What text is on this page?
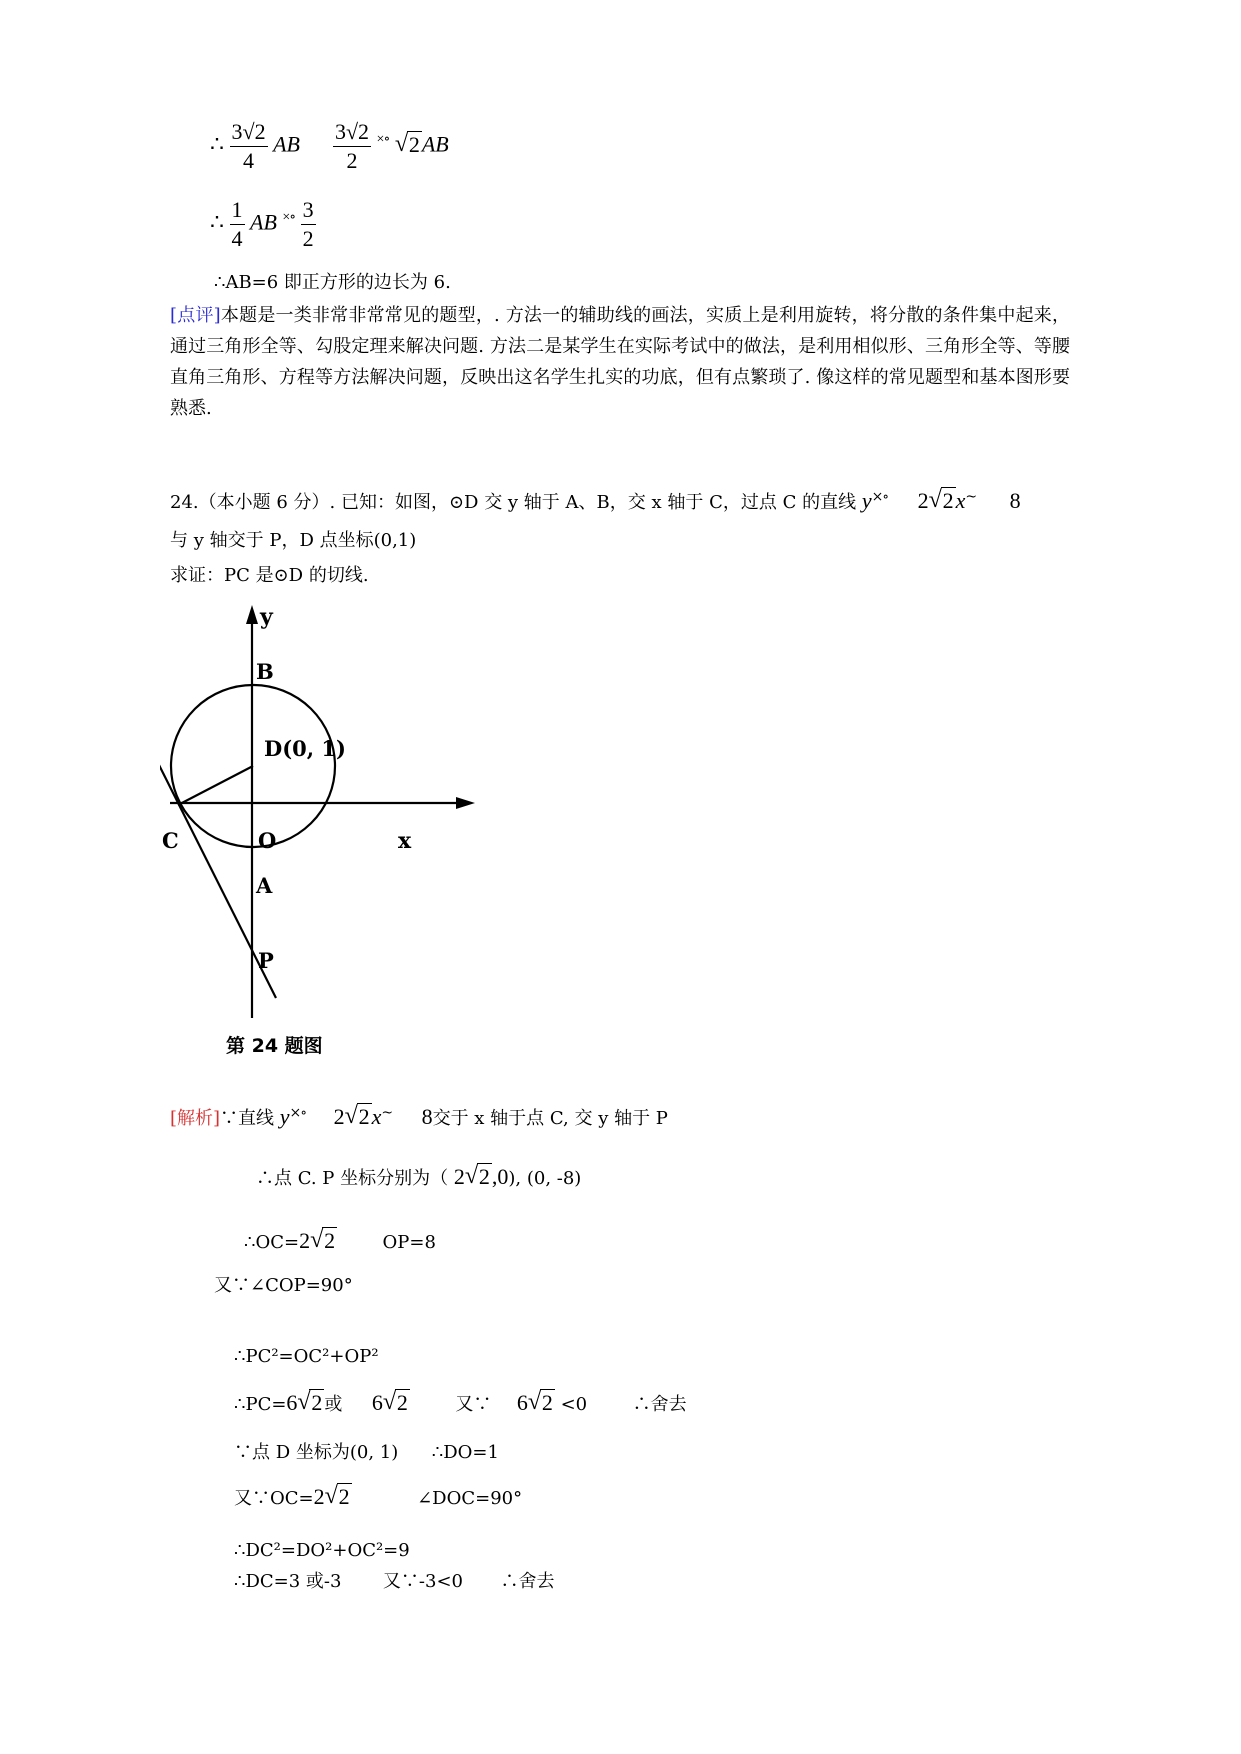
∴ $\frac{3√2}{4}$ AB $\frac{3√2}{2} ^{\times\circ}$ √ 2AB
∴ $\frac{1}{4}$ AB $^{\times\circ} \frac{3}{2}$
∴AB=6 即正方形的边长为 6.
[点评]本题是一类非常非常常见的题型，. 方法一的辅助线的画法，实质上是利用旋转，将分散的条件集中起来，通过三角形全等、勾股定理来解决问题. 方法二是某学生在实际考试中的做法，是利用相似形、三角形全等、等腰直角三角形、方程等方法解决问题，反映出这名学生扎实的功底，但有点繁琐了. 像这样的常见题型和基本图形要熟悉.
24.（本小题 6 分）. 已知：如图，⊙D 交 y 轴于 A、B，交 x 轴于 C，过点 C 的直线 y×∘ 2 √ 2x~ 8
与 y 轴交于 P，D 点坐标(0,1)
求证：PC 是⊙D 的切线.
y
x
B
D(0, 1)
C	O
A
P
第 24 题图
[解析]∵直线 y×∘ 2 √ 2x~ 8交于 x 轴于点 C, 交 y 轴于 P
∴点 C. P 坐标分别为（ 2 √ 2,0), (0, -8)
∴OC=2 √ 2	OP=8
又∵∠COP=90°
∴PC²=OC²+OP²
∴PC=6 √ 2 或 6 √ 2	又∵ 6 √ 2 <0	∴舍去
∵点 D 坐标为(0, 1) ∴DO=1
又∵OC=2 √ 2	∠DOC=90°
∴DC²=DO²+OC²=9
∴DC=3 或-3 又∵-3<0 ∴舍去
